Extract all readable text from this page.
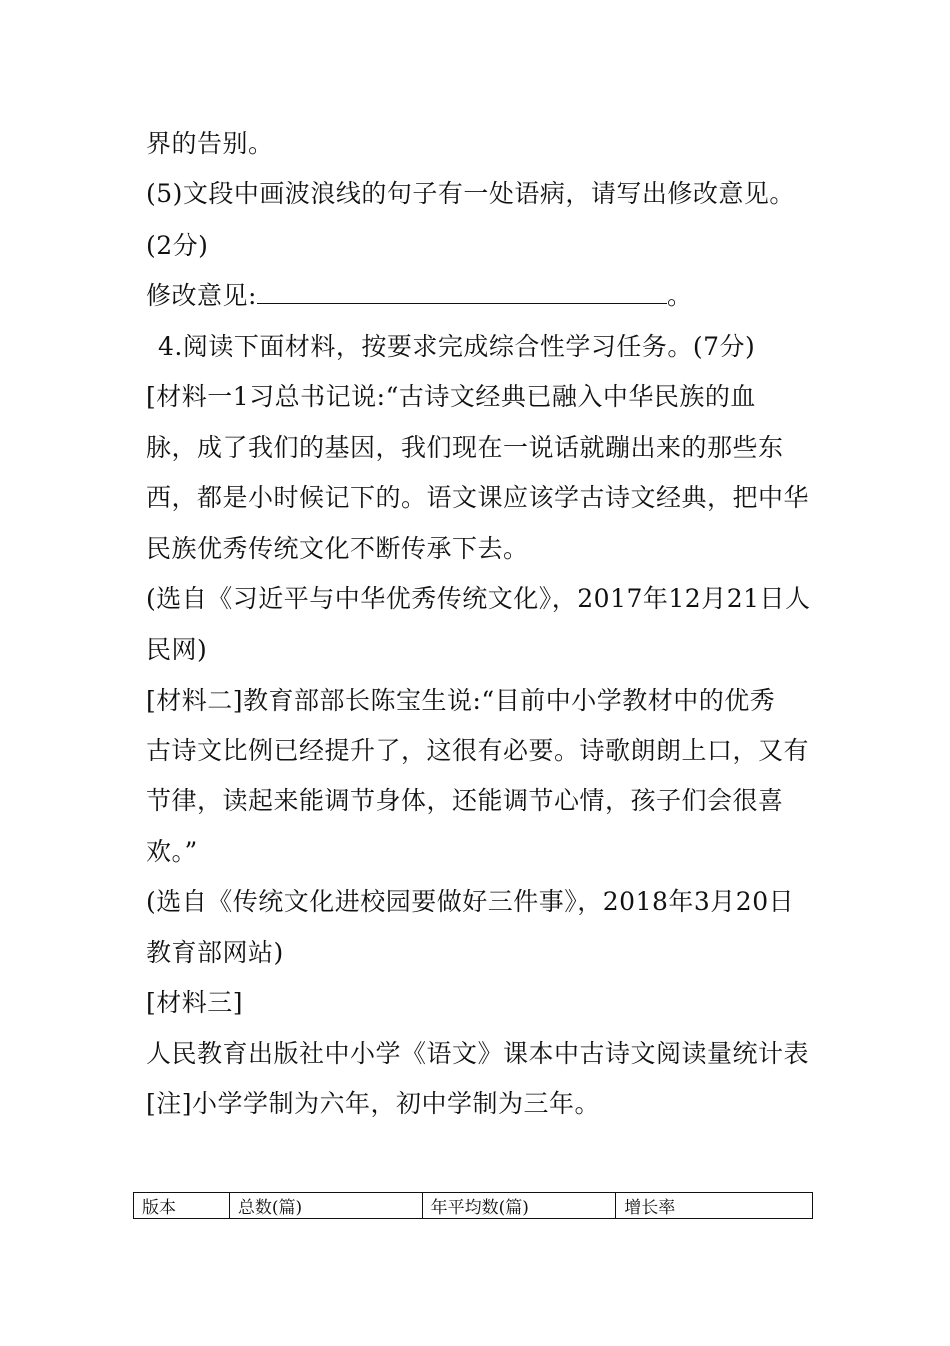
界的告别。
(5)文段中画波浪线的句子有一处语病，请写出修改意见。
(2分)
修改意见:	。
4.阅读下面材料，按要求完成综合性学习任务。(7分)
[材料一1习总书记说:“古诗文经典已融入中华民族的血
脉，成了我们的基因，我们现在一说话就蹦出来的那些东
西，都是小时候记下的。语文课应该学古诗文经典，把中华
民族优秀传统文化不断传承下去。
(选自《习近平与中华优秀传统文化》，2017年12月21日人
民网)
[材料二]教育部部长陈宝生说:“目前中小学教材中的优秀
古诗文比例已经提升了，这很有必要。诗歌朗朗上口，又有
节律，读起来能调节身体，还能调节心情，孩子们会很喜
欢。”
(选自《传统文化进校园要做好三件事》，2018年3月20日
教育部网站)
[材料三]
人民教育出版社中小学《语文》课本中古诗文阅读量统计表
[注]小学学制为六年，初中学制为三年。
版本	总数(篇)	年平均数(篇)	增长率
